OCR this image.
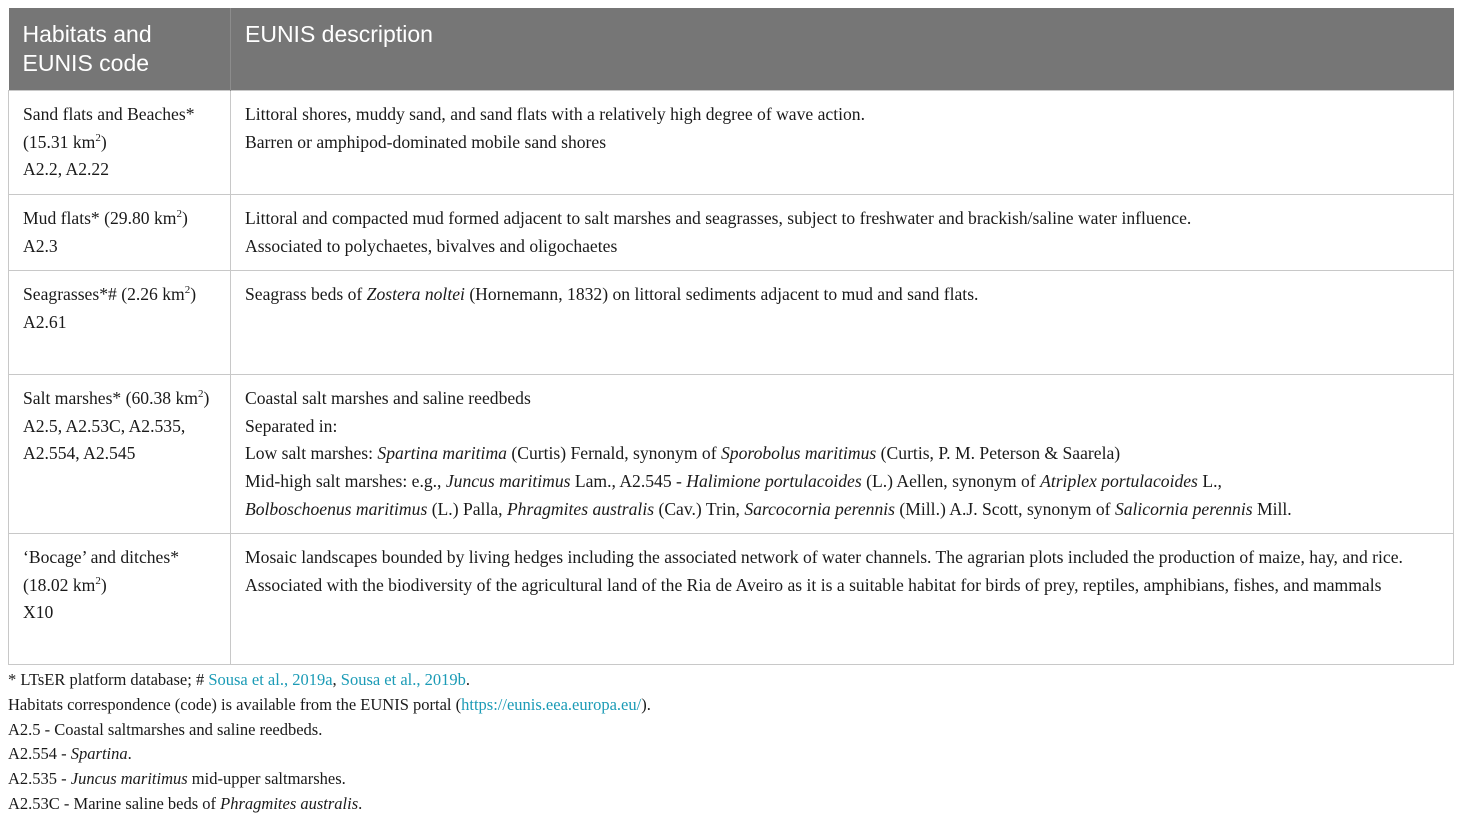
Habitats and EUNIS code	EUNIS description
Sand flats and Beaches* (15.31 $km^2$)
A2.2, A2.22	Littoral shores, muddy sand, and sand flats with a relatively high degree of wave action.
Barren or amphipod-dominated mobile sand shores

Mud flats* (29.80 $km^2$)
A2.3	Littoral and compacted mud formed adjacent to salt marshes and seagrasses, subject to freshwater and brackish/saline water influence.
Associated to polychaetes, bivalves and oligochaetes

Seagrasses*# (2.26 $km^2$)
A2.61	Seagrass beds of Zostera noltei (Hornemann, 1832) on littoral sediments adjacent to mud and sand flats.

Salt marshes* (60.38 $km^2$)
A2.5, A2.53C, A2.535, A2.554, A2.545	Coastal salt marshes and saline reedbeds
Separated in:
Low salt marshes: Spartina maritima (Curtis) Fernald, synonym of Sporobolus maritimus (Curtis, P. M. Peterson & Saarela)
Mid-high salt marshes: e.g., Juncus maritimus Lam., A2.545 - Halimione portulacoides (L.) Aellen, synonym of Atriplex portulacoides L.,
Bolboschoenus maritimus (L.) Palla, Phragmites australis (Cav.) Trin, Sarcocornia perennis (Mill.) A.J. Scott, synonym of Salicornia perennis Mill.

‘Bocage’ and ditches* (18.02 $km^2$)
X10	Mosaic landscapes bounded by living hedges including the associated network of water channels. The agrarian plots included the production of maize, hay, and rice.
Associated with the biodiversity of the agricultural land of the Ria de Aveiro as it is a suitable habitat for birds of prey, reptiles, amphibians, fishes, and mammals
* LTsER platform database; # Sousa et al., 2019a, Sousa et al., 2019b.
Habitats correspondence (code) is available from the EUNIS portal (https://eunis.eea.europa.eu/).
A2.5 - Coastal saltmarshes and saline reedbeds.
A2.554 - Spartina.
A2.535 - Juncus maritimus mid-upper saltmarshes.
A2.53C - Marine saline beds of Phragmites australis.
